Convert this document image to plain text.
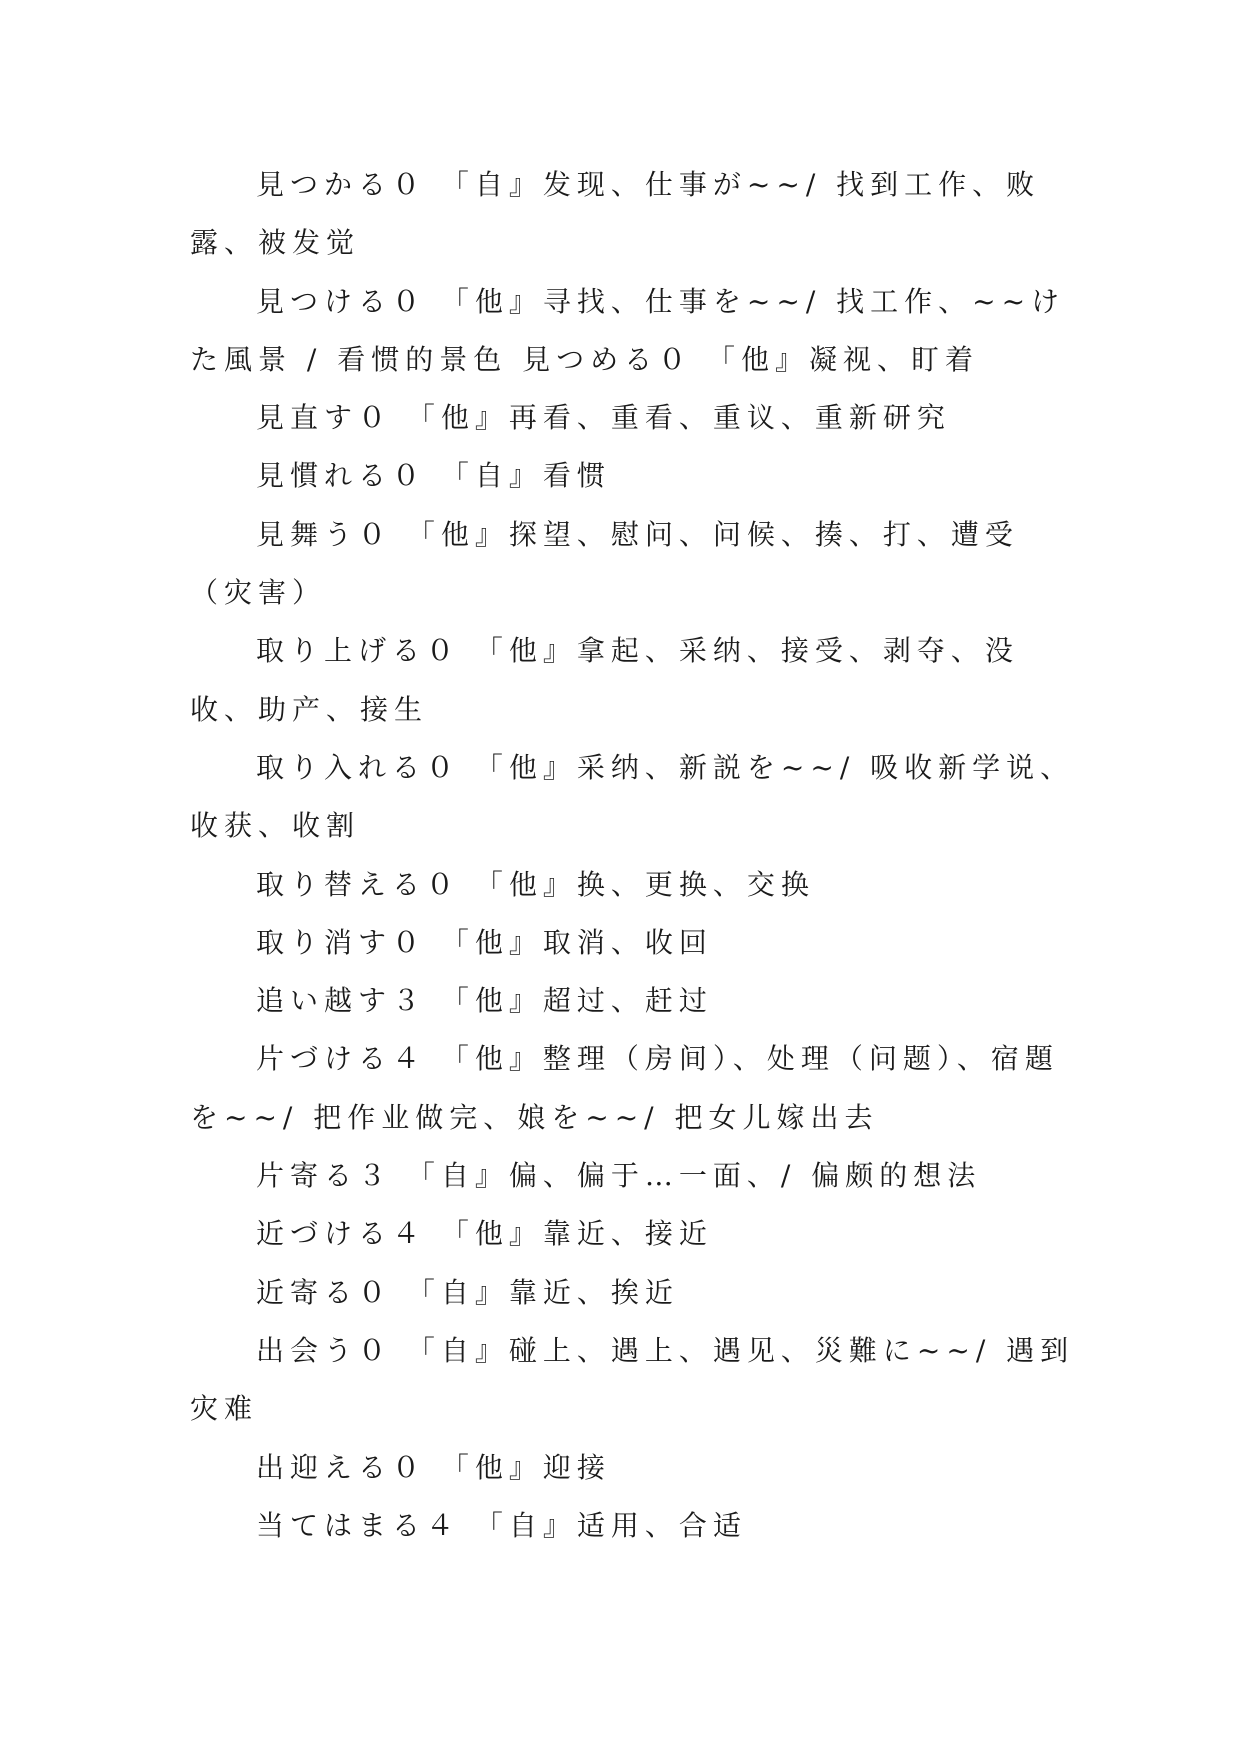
見つかる０ 「自』发现、仕事が~~/ 找到工作、败露、被发觉

見つける０ 「他』寻找、仕事を~~/ 找工作、~~けた風景 / 看惯的景色 見つめる０ 「他』凝视、盯着

見直す０ 「他』再看、重看、重议、重新研究

見慣れる０ 「自』看惯

見舞う０ 「他』探望、慰问、问候、揍、打、遭受（灾害）

取り上げる０ 「他』拿起、采纳、接受、剥夺、没收、助产、接生

取り入れる０ 「他』采纳、新説を~~/ 吸收新学说、收获、收割

取り替える０ 「他』换、更换、交换

取り消す０ 「他』取消、收回

追い越す３ 「他』超过、赶过

片づける４ 「他』整理（房间）、处理（问题）、宿題を~~/ 把作业做完、娘を~~/ 把女儿嫁出去

片寄る３ 「自』偏、偏于…一面、/ 偏颇的想法

近づける４ 「他』靠近、接近

近寄る０ 「自』靠近、挨近

出会う０ 「自』碰上、遇上、遇见、災難に~~/ 遇到灾难

出迎える０ 「他』迎接

当てはまる４ 「自』适用、合适
